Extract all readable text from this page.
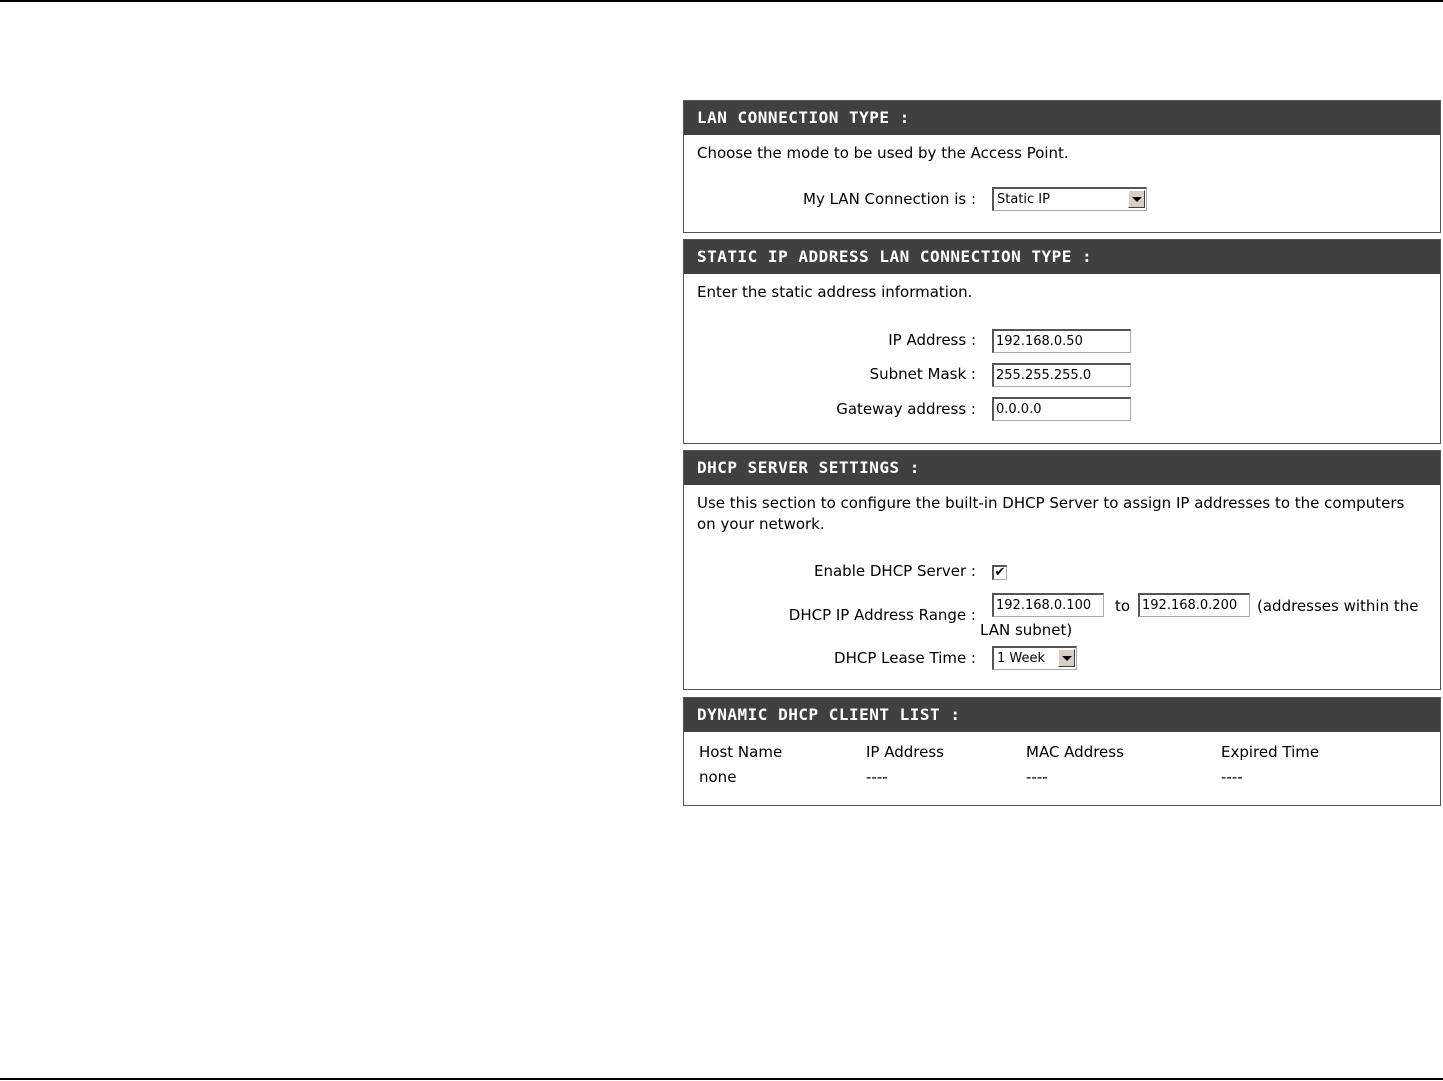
LAN CONNECTION TYPE :
Choose the mode to be used by the Access Point.
My LAN Connection is : Static IP
STATIC IP ADDRESS LAN CONNECTION TYPE :
Enter the static address information.
IP Address :	192.168.0.50
Subnet Mask :	255.255.255.0
Gateway address :	0.0.0.0
DHCP SERVER SETTINGS :
Use this section to configure the built-in DHCP Server to assign IP addresses to the computers
on your network.
Enable DHCP Server : ✔
DHCP IP Address Range :
192.168.0.100	to 192.168.0.200	(addresses within the
LAN subnet)
DHCP Lease Time : 1 Week
DYNAMIC DHCP CLIENT LIST :
Host Name	IP Address	MAC Address	Expired Time
none	----	----	----
